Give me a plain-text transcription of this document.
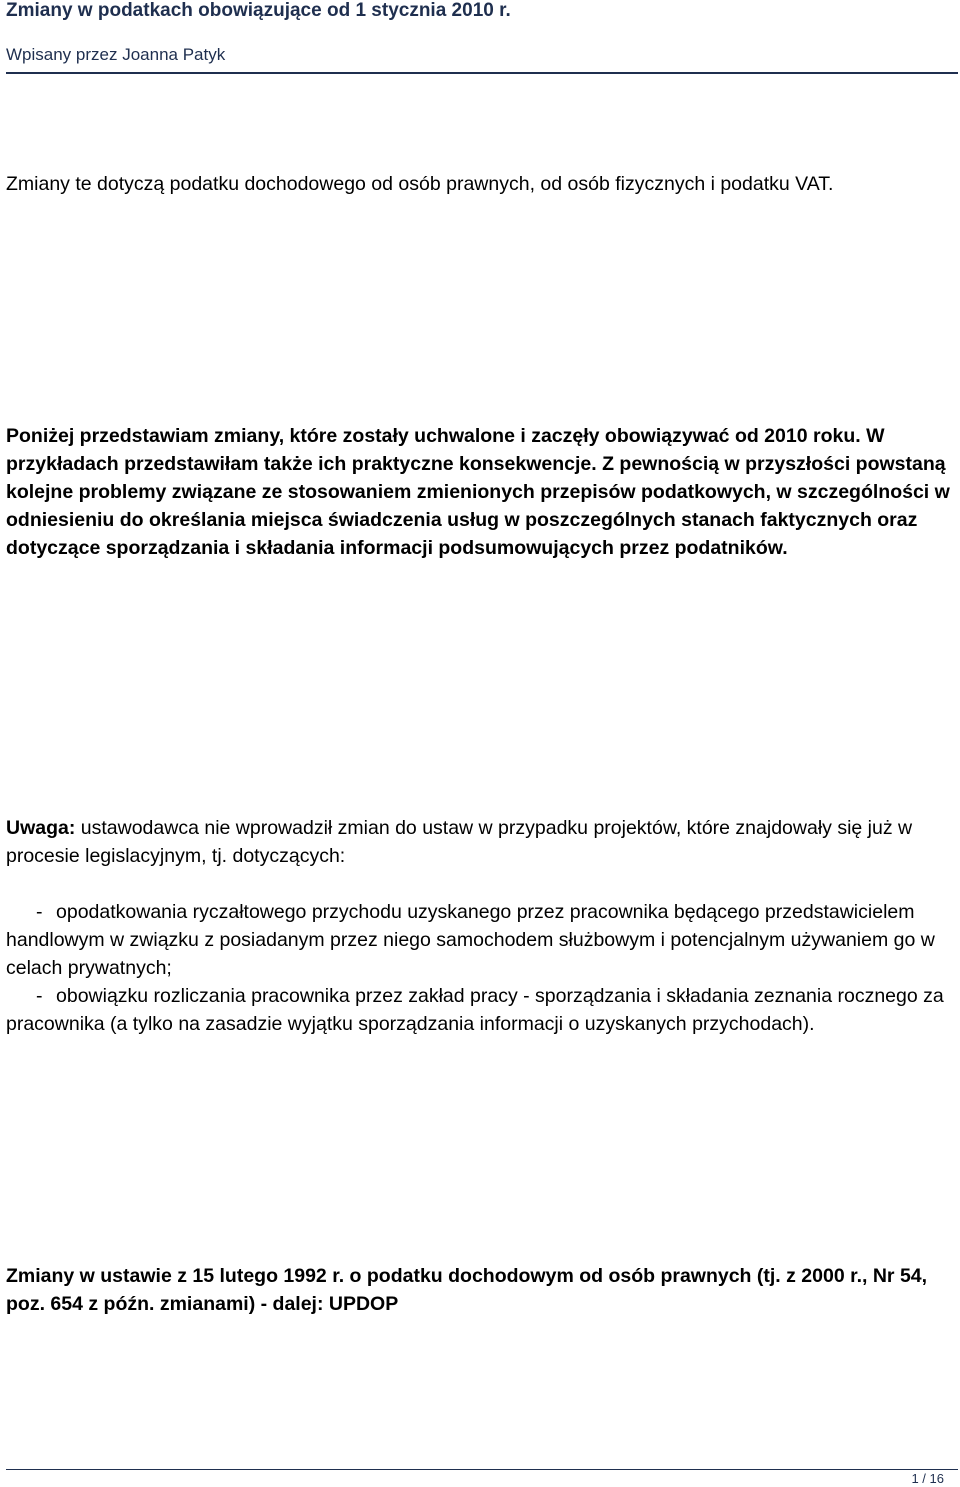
Zmiany w podatkach obowiązujące od 1 stycznia 2010 r.
Wpisany przez Joanna Patyk
Zmiany te dotyczą podatku dochodowego od osób prawnych, od osób fizycznych i podatku VAT.
Poniżej przedstawiam zmiany, które zostały uchwalone i zaczęły obowiązywać od 2010 roku. W przykładach przedstawiłam także ich praktyczne konsekwencje. Z pewnością w przyszłości powstaną kolejne problemy związane ze stosowaniem zmienionych przepisów podatkowych, w szczególności w odniesieniu do określania miejsca świadczenia usług w poszczególnych stanach faktycznych oraz dotyczące sporządzania i składania informacji podsumowujących przez podatników.
Uwaga: ustawodawca nie wprowadził zmian do ustaw w przypadku projektów, które znajdowały się już w procesie legislacyjnym, tj. dotyczących:
- opodatkowania ryczałtowego przychodu uzyskanego przez pracownika będącego przedstawicielem handlowym w związku z posiadanym przez niego samochodem służbowym i potencjalnym używaniem go w celach prywatnych;
- obowiązku rozliczania pracownika przez zakład pracy - sporządzania i składania zeznania rocznego za pracownika (a tylko na zasadzie wyjątku sporządzania informacji o uzyskanych przychodach).
Zmiany w ustawie z 15 lutego 1992 r. o podatku dochodowym od osób prawnych (tj. z 2000 r., Nr 54, poz. 654 z późn. zmianami) - dalej: UPDOP
1 / 16
